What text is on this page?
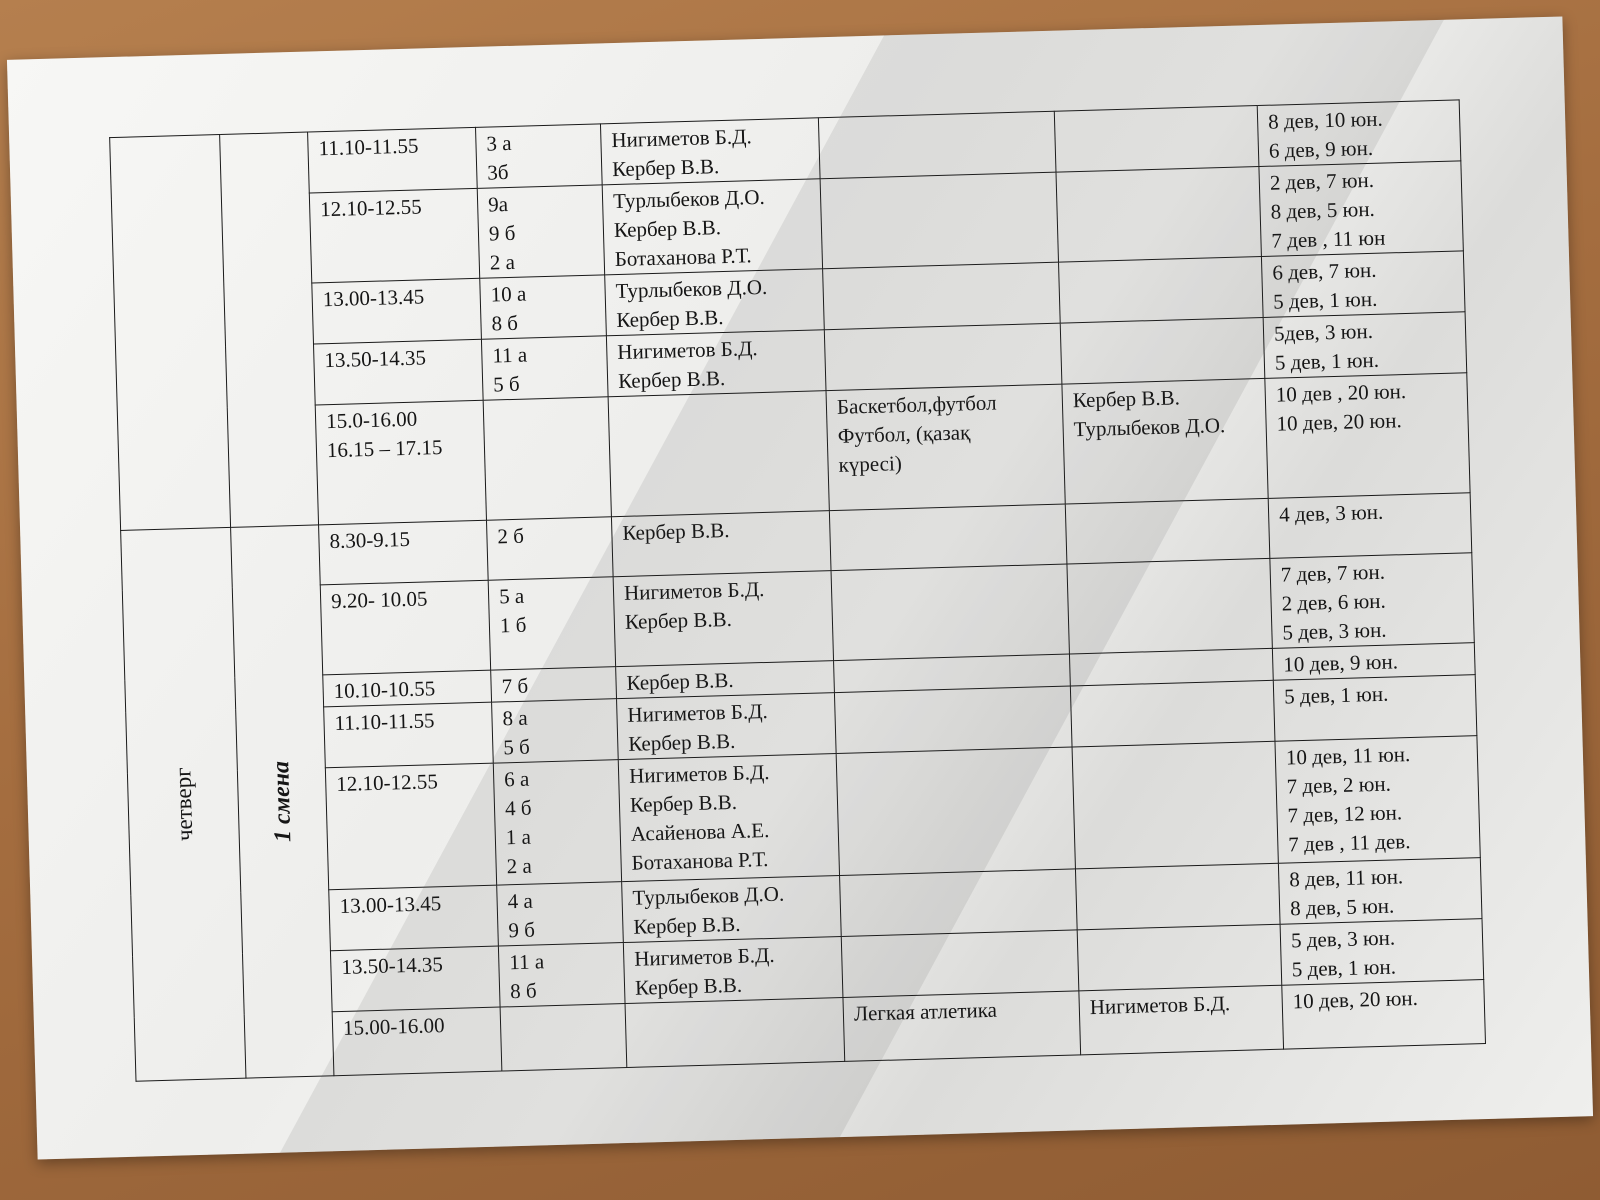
		11.10-11.55	3 а
3б	Нигиметов Б.Д.
Кербер В.В.			8 дев, 10 юн.
6 дев, 9 юн.

		12.10-12.55	9а
9 б
2 а	Турлыбеков Д.О.
Кербер В.В.
Ботаханова Р.Т.			2 дев, 7 юн.
8 дев, 5 юн.
7 дев , 11 юн

		13.00-13.45	10 а
8 б	Турлыбеков Д.О.
Кербер В.В.			6 дев, 7 юн.
5 дев, 1 юн.

		13.50-14.35	11 а
5 б	Нигиметов Б.Д.
Кербер В.В.			5дев, 3 юн.
5 дев, 1 юн.

		15.0-16.00
16.15 – 17.15			Баскетбол,футбол
Футбол, (қазақ
күресі)	Кербер В.В.
Турлыбеков Д.О.	10 дев , 20 юн.
10 дев, 20 юн.

четверг	1 смена	8.30-9.15	2 б	Кербер В.В.			4 дев, 3 юн.

		9.20- 10.05	5 а
1 б	Нигиметов Б.Д.
Кербер В.В.			7 дев, 7 юн.
2 дев, 6 юн.
5 дев, 3 юн.

		10.10-10.55	7 б	Кербер В.В.			10 дев, 9 юн.

		11.10-11.55	8 а
5 б	Нигиметов Б.Д.
Кербер В.В.			5 дев, 1 юн.

		12.10-12.55	6 а
4 б
1 а
2 а	Нигиметов Б.Д.
Кербер В.В.
Асайенова А.Е.
Ботаханова Р.Т.			10 дев, 11 юн.
7 дев, 2 юн.
7 дев, 12 юн.
7 дев , 11 дев.

		13.00-13.45	4 а
9 б	Турлыбеков Д.О.
Кербер В.В.			8 дев, 11 юн.
8 дев, 5 юн.

		13.50-14.35	11 а
8 б	Нигиметов Б.Д.
Кербер В.В.			5 дев, 3 юн.
5 дев, 1 юн.

		15.00-16.00			Легкая атлетика	Нигиметов Б.Д.	10 дев, 20 юн.
